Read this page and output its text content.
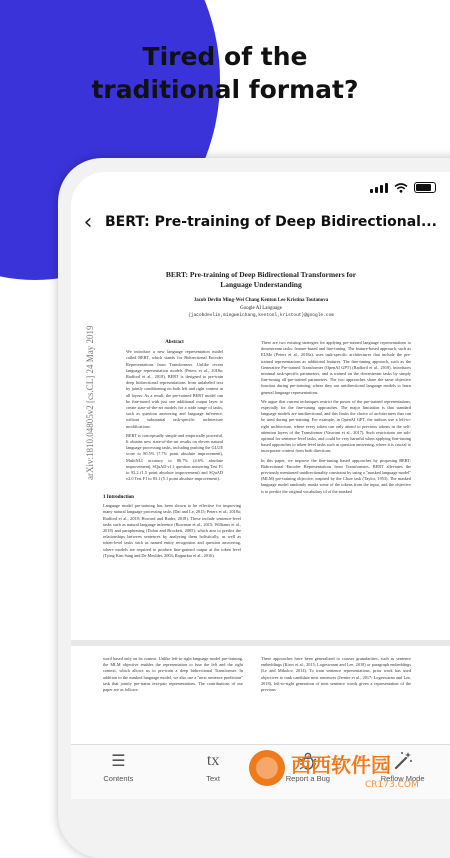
Tired of the
traditional format?
‹ BERT: Pre-training of Deep Bidirectional...
BERT: Pre-training of Deep Bidirectional Transformers for
Language Understanding
Jacob Devlin Ming-Wei Chang Kenton Lee Kristina Toutanova
Google AI Language
{jacobdevlin,mingweichang,kentonl,kristout}@google.com
arXiv:1810.04805v2 [cs.CL] 24 May 2019	Abstract

We introduce a new language representation model called BERT, which stands for Bidirectional Encoder Representations from Transformers. Unlike recent language representation models (Peters et al., 2018a; Radford et al., 2018), BERT is designed to pre-train deep bidirectional representations from unlabeled text by jointly conditioning on both left and right context in all layers. As a result, the pre-trained BERT model can be fine-tuned with just one additional output layer to create state-of-the-art models for a wide range of tasks, such as question answering and language inference, without substantial task-specific architecture modifications.

BERT is conceptually simple and empirically powerful. It obtains new state-of-the-art results on eleven natural language processing tasks, including pushing the GLUE score to 80.5% (7.7% point absolute improvement), MultiNLI accuracy to 86.7% (4.6% absolute improvement), SQuAD v1.1 question answering Test F1 to 93.2 (1.5 point absolute improvement) and SQuAD v2.0 Test F1 to 83.1 (5.1 point absolute improvement).

1 Introduction

Language model pre-training has been shown to be effective for improving many natural language processing tasks (Dai and Le, 2015; Peters et al., 2018a; Radford et al., 2018; Howard and Ruder, 2018). These include sentence-level tasks such as natural language inference (Bowman et al., 2015; Williams et al., 2018) and paraphrasing (Dolan and Brockett, 2005), which aim to predict the relationships between sentences by analyzing them holistically, as well as token-level tasks such as named entity recognition and question answering, where models are required to produce fine-grained output at the token level (Tjong Kim Sang and De Meulder, 2003; Rajpurkar et al., 2016).

There are two existing strategies for applying pre-trained language representations to downstream tasks: feature-based and fine-tuning. The feature-based approach, such as ELMo (Peters et al., 2018a), uses task-specific architectures that include the pre-trained representations as additional features. The fine-tuning approach, such as the Generative Pre-trained Transformer (OpenAI GPT) (Radford et al., 2018), introduces minimal task-specific parameters, and is trained on the downstream tasks by simply fine-tuning all pre-trained parameters. The two approaches share the same objective function during pre-training, where they use unidirectional language models to learn general language representations.

We argue that current techniques restrict the power of the pre-trained representations, especially for the fine-tuning approaches. The major limitation is that standard language models are unidirectional, and this limits the choice of architectures that can be used during pre-training. For example, in OpenAI GPT, the authors use a left-to-right architecture, where every token can only attend to previous tokens in the self-attention layers of the Transformer (Vaswani et al., 2017). Such restrictions are sub-optimal for sentence-level tasks, and could be very harmful when applying fine-tuning based approaches to token-level tasks such as question answering, where it is crucial to incorporate context from both directions.

In this paper, we improve the fine-tuning based approaches by proposing BERT: Bidirectional Encoder Representations from Transformers. BERT alleviates the previously mentioned unidirectionality constraint by using a "masked language model" (MLM) pre-training objective, inspired by the Cloze task (Taylor, 1953). The masked language model randomly masks some of the tokens from the input, and the objective is to predict the original vocabulary id of the masked

word based only on its context. Unlike left-to-right language model pre-training, the MLM objective enables the representation to fuse the left and the right context, which allows us to pre-train a deep bidirectional Transformer. In addition to the masked language model, we also use a "next sentence prediction" task that jointly pre-trains text-pair representations. The contributions of our paper are as follows:
These approaches have been generalized to coarser granularities, such as sentence embeddings (Kiros et al., 2015; Logeswaran and Lee, 2018) or paragraph embeddings (Le and Mikolov, 2014). To train sentence representations, prior work has used objectives to rank candidate next sentences (Jernite et al., 2017; Logeswaran and Lee, 2018), left-to-right generation of next sentence words given a representation of the previous
☰
Contents
tx
Text	Report a Bug	Reflow Mode
西西软件园
CR173.COM
